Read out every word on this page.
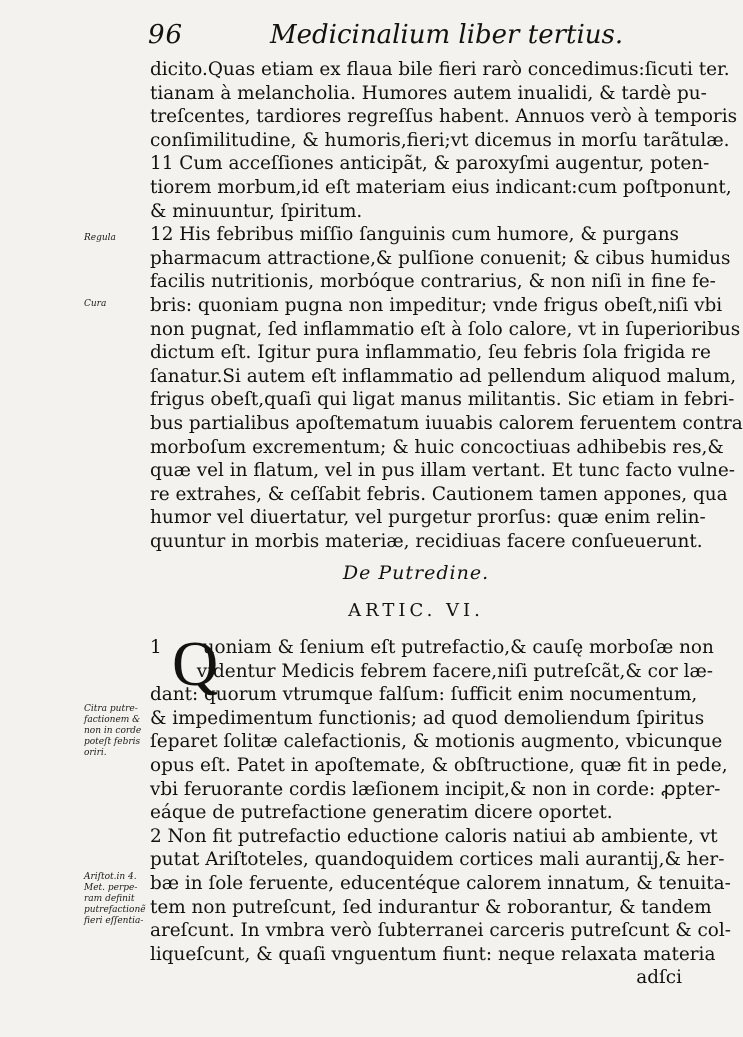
96	Medicinalium liber tertius.
Regula
Cura
Citra putre-
factionem &
non in corde
poteſt febris
oriri.
Ariſtot.in 4.
Met. perpe-
ram definit
putrefactionẽ
fieri eſſentia-
dicito.Quas etiam ex flaua bile fieri rarò concedimus:ſicuti ter.
tianam à melancholia. Humores autem inualidi, & tardè pu-
treſcentes, tardiores regreſſus habent. Annuos verò à temporis
conſimilitudine, & humoris,fieri;vt dicemus in morſu tarãtulæ.
11 Cum acceſſiones anticipãt, & paroxyſmi augentur, poten-
tiorem morbum,id eſt materiam eius indicant:cum poſtponunt,
& minuuntur, ſpiritum.
12 His febribus miſſio ſanguinis cum humore, & purgans
pharmacum attractione,& pulſione conuenit; & cibus humidus
facilis nutritionis, morbóque contrarius, & non niſi in fine fe-
bris: quoniam pugna non impeditur; vnde frigus obeſt,niſi vbi
non pugnat, ſed inflammatio eſt à ſolo calore, vt in ſuperioribus
dictum eſt. Igitur pura inflammatio, ſeu febris ſola frigida re
ſanatur.Si autem eſt inflammatio ad pellendum aliquod malum,
frigus obeſt,quaſi qui ligat manus militantis. Sic etiam in febri-
bus partialibus apoſtematum iuuabis calorem feruentem contra
morboſum excrementum; & huic concoctiuas adhibebis res,&
quæ vel in flatum, vel in pus illam vertant. Et tunc facto vulne-
re extrahes, & ceſſabit febris. Cautionem tamen appones, qua
humor vel diuertatur, vel purgetur prorſus: quæ enim relin-
quuntur in morbis materiæ, recidiuas facere conſueuerunt.
De Putredine.
ARTIC. VI.
Q
1       uoniam & ſenium eſt putrefactio,& cauſę morboſæ non
videntur Medicis febrem facere,niſi putreſcãt,& cor læ-
dant: quorum vtrumque falſum: ſufficit enim nocumentum,
& impedimentum functionis; ad quod demoliendum ſpiritus
ſeparet ſolitæ calefactionis, & motionis augmento, vbicunque
opus eſt. Patet in apoſtemate, & obſtructione, quæ fit in pede,
vbi feruorante cordis læſionem incipit,& non in corde: ꝓpter-
eáque de putrefactione generatim dicere oportet.
2 Non fit putrefactio eductione caloris natiui ab ambiente, vt
putat Ariſtoteles, quandoquidem cortices mali aurantij,& her-
bæ in ſole feruente, educentéque calorem innatum, & tenuita-
tem non putreſcunt, ſed indurantur & roborantur, & tandem
areſcunt. In vmbra verò ſubterranei carceris putreſcunt & col-
liqueſcunt, & quaſi vnguentum fiunt: neque relaxata materia
adſci
